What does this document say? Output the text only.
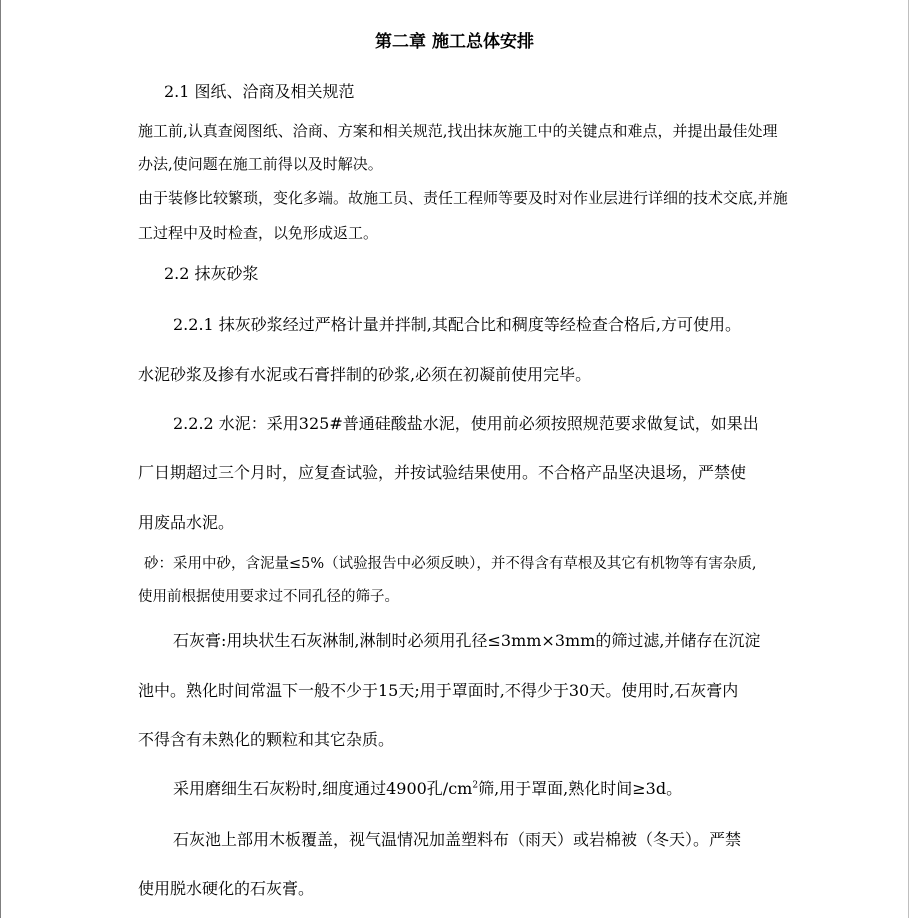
第二章 施工总体安排
2.1 图纸、洽商及相关规范
施工前,认真查阅图纸、洽商、方案和相关规范,找出抹灰施工中的关键点和难点，并提出最佳处理
办法,使问题在施工前得以及时解决。
由于装修比较繁琐，变化多端。故施工员、责任工程师等要及时对作业层进行详细的技术交底,并施
工过程中及时检查，以免形成返工。
2.2 抹灰砂浆
2.2.1 抹灰砂浆经过严格计量并拌制,其配合比和稠度等经检查合格后,方可使用。
水泥砂浆及掺有水泥或石膏拌制的砂浆,必须在初凝前使用完毕。
2.2.2 水泥：采用325#普通硅酸盐水泥，使用前必须按照规范要求做复试，如果出
厂日期超过三个月时，应复查试验，并按试验结果使用。不合格产品坚决退场，严禁使
用废品水泥。
砂：采用中砂，含泥量≤5%（试验报告中必须反映），并不得含有草根及其它有机物等有害杂质,
使用前根据使用要求过不同孔径的筛子。
石灰膏:用块状生石灰淋制,淋制时必须用孔径≤3mm×3mm的筛过滤,并储存在沉淀
池中。熟化时间常温下一般不少于15天;用于罩面时,不得少于30天。使用时,石灰膏内
不得含有未熟化的颗粒和其它杂质。
采用磨细生石灰粉时,细度通过4900孔$/cm^2$筛,用于罩面,熟化时间≥3d。
石灰池上部用木板覆盖，视气温情况加盖塑料布（雨天）或岩棉被（冬天）。严禁
使用脱水硬化的石灰膏。
